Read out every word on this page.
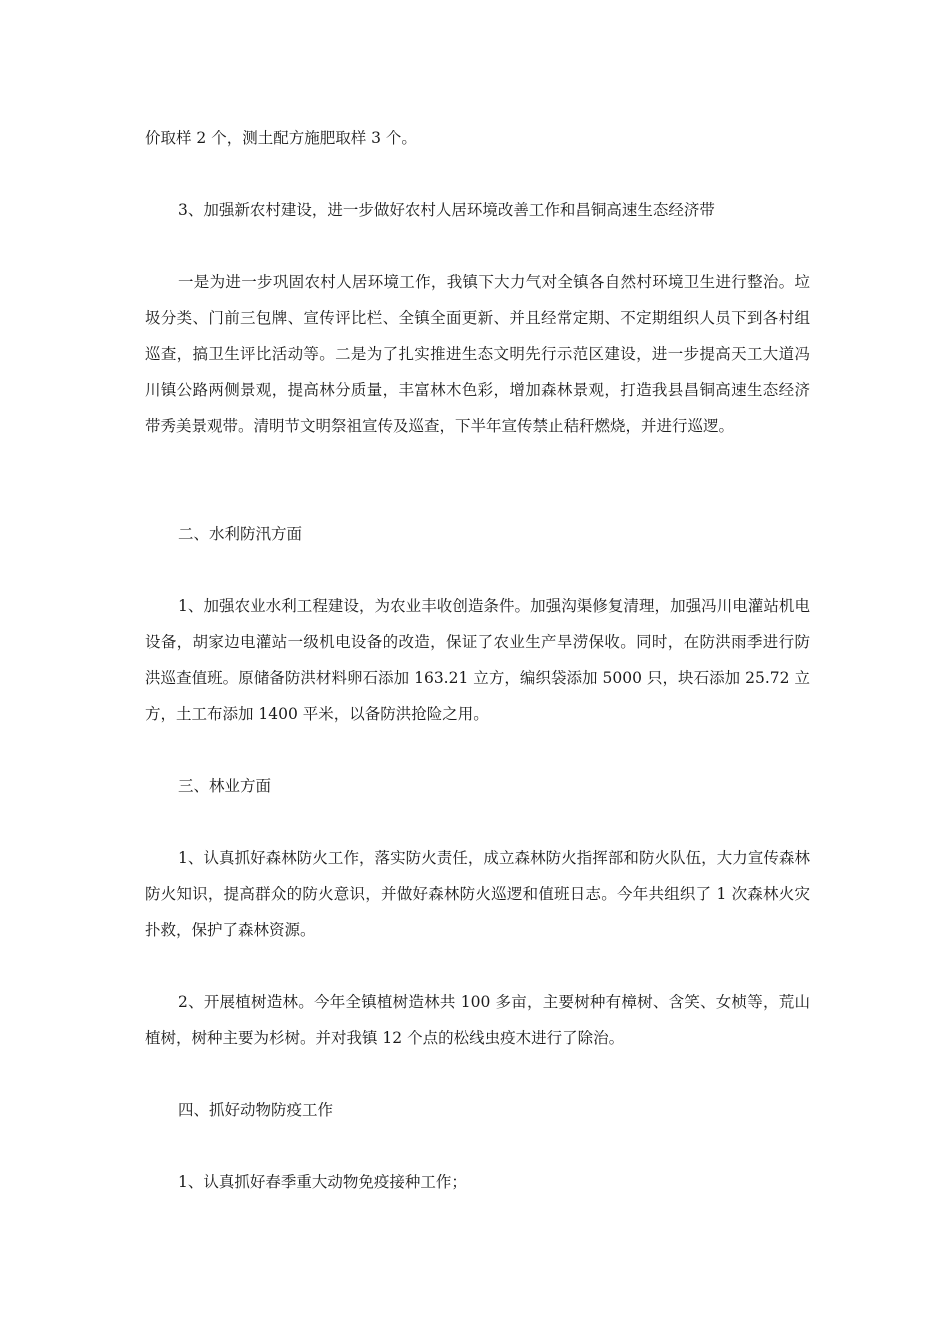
价取样 2 个，测土配方施肥取样 3 个。

3、加强新农村建设，进一步做好农村人居环境改善工作和昌铜高速生态经济带

一是为进一步巩固农村人居环境工作，我镇下大力气对全镇各自然村环境卫生进行整治。垃圾分类、门前三包牌、宣传评比栏、全镇全面更新、并且经常定期、不定期组织人员下到各村组巡查，搞卫生评比活动等。二是为了扎实推进生态文明先行示范区建设，进一步提高天工大道冯川镇公路两侧景观，提高林分质量，丰富林木色彩，增加森林景观，打造我县昌铜高速生态经济带秀美景观带。清明节文明祭祖宣传及巡查，下半年宣传禁止秸秆燃烧，并进行巡逻。

二、水利防汛方面

1、加强农业水利工程建设，为农业丰收创造条件。加强沟渠修复清理，加强冯川电灌站机电设备，胡家边电灌站一级机电设备的改造，保证了农业生产旱涝保收。同时，在防洪雨季进行防洪巡查值班。原储备防洪材料卵石添加 163.21 立方，编织袋添加 5000 只，块石添加 25.72 立方，土工布添加 1400 平米，以备防洪抢险之用。

三、林业方面

1、认真抓好森林防火工作，落实防火责任，成立森林防火指挥部和防火队伍，大力宣传森林防火知识，提高群众的防火意识，并做好森林防火巡逻和值班日志。今年共组织了 1 次森林火灾扑救，保护了森林资源。

2、开展植树造林。今年全镇植树造林共 100 多亩，主要树种有樟树、含笑、女桢等，荒山植树，树种主要为杉树。并对我镇 12 个点的松线虫疫木进行了除治。

四、抓好动物防疫工作

1、认真抓好春季重大动物免疫接种工作；
